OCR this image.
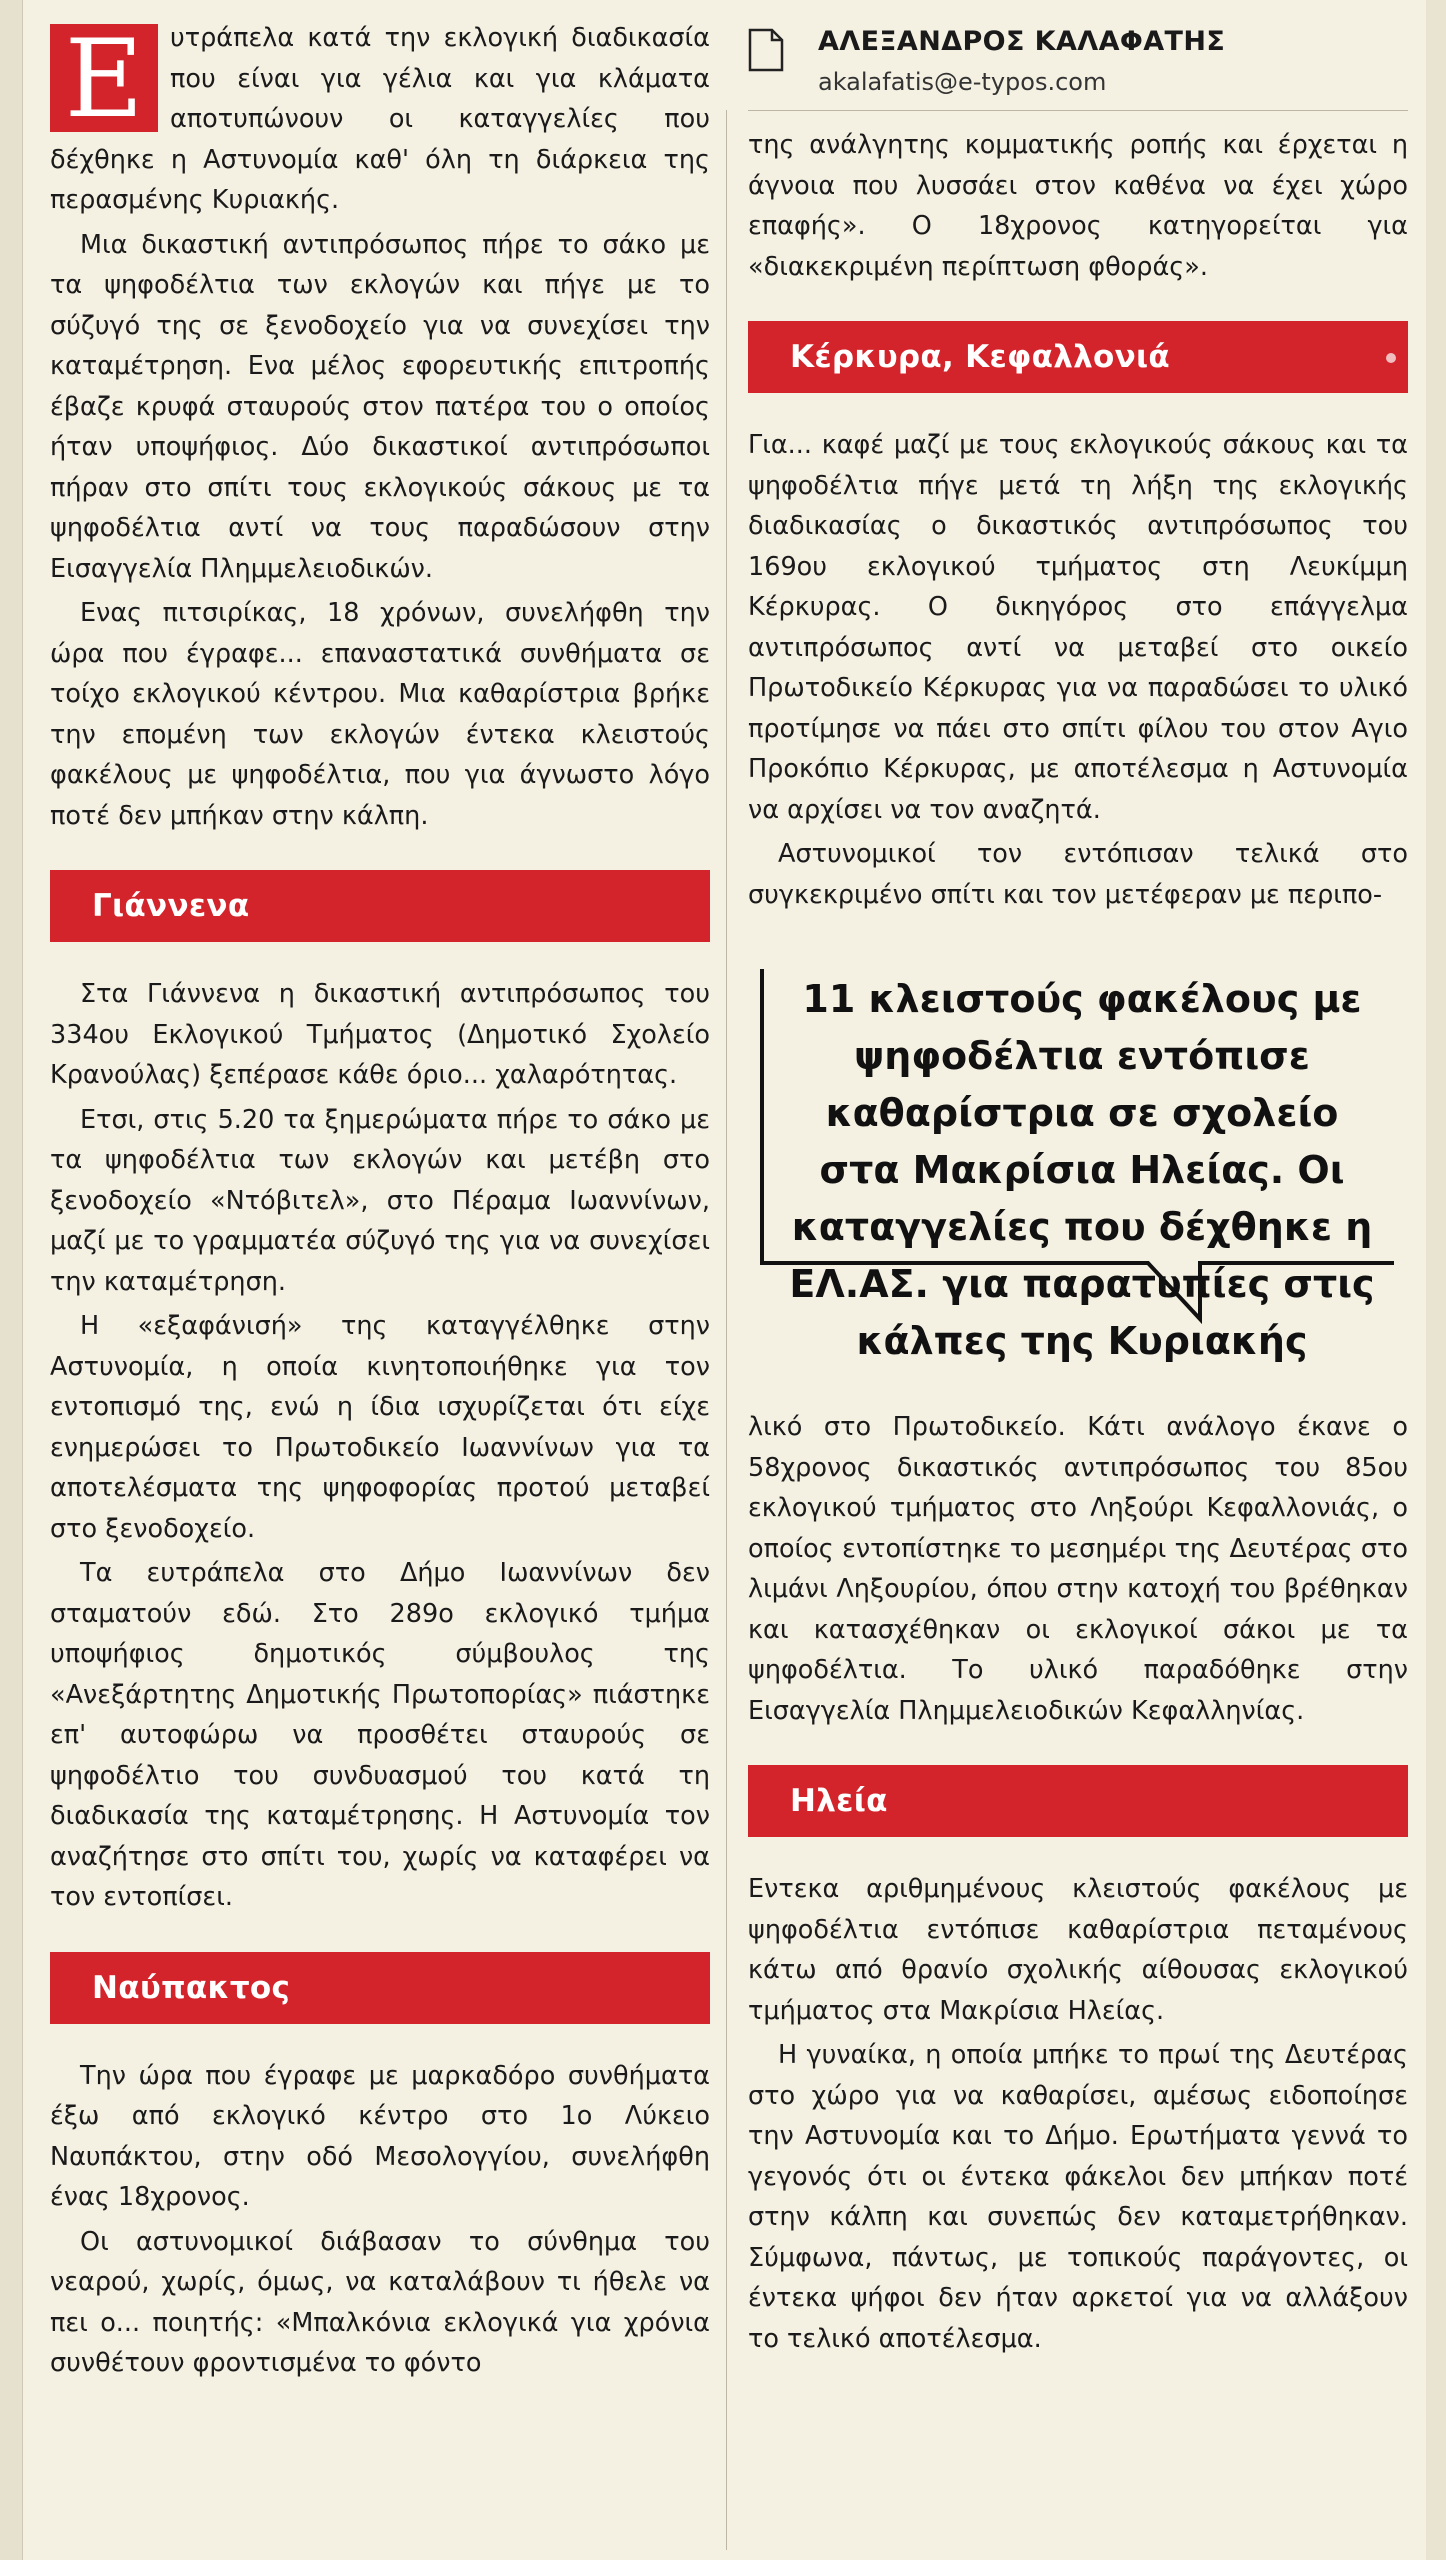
Ε	υτράπελα κατά την εκλογική διαδικασία που είναι για γέλια και για κλάματα αποτυπώνουν οι καταγγελίες που δέχθηκε η Αστυνομία καθ' όλη τη διάρκεια της περασμένης Κυριακής.

Μια δικαστική αντιπρόσωπος πήρε το σάκο με τα ψηφοδέλτια των εκλογών και πήγε με το σύζυγό της σε ξενοδοχείο για να συνεχίσει την καταμέτρηση. Ενα μέλος εφορευτικής επιτροπής έβαζε κρυφά σταυρούς στον πατέρα του ο οποίος ήταν υποψήφιος. Δύο δικαστικοί αντιπρόσωποι πήραν στο σπίτι τους εκλογικούς σάκους με τα ψηφοδέλτια αντί να τους παραδώσουν στην Εισαγγελία Πλημμελειοδικών.

Ενας πιτσιρίκας, 18 χρόνων, συνελήφθη την ώρα που έγραφε... επαναστατικά συνθήματα σε τοίχο εκλογικού κέντρου. Μια καθαρίστρια βρήκε την επομένη των εκλογών έντεκα κλειστούς φακέλους με ψηφοδέλτια, που για άγνωστο λόγο ποτέ δεν μπήκαν στην κάλπη.

Γιάννενα

Στα Γιάννενα η δικαστική αντιπρόσωπος του 334ου Εκλογικού Τμήματος (Δημοτικό Σχολείο Κρανούλας) ξεπέρασε κάθε όριο... χαλαρότητας.

Ετσι, στις 5.20 τα ξημερώματα πήρε το σάκο με τα ψηφοδέλτια των εκλογών και μετέβη στο ξενοδοχείο «Ντόβιτελ», στο Πέραμα Ιωαννίνων, μαζί με το γραμματέα σύζυγό της για να συνεχίσει την καταμέτρηση.

Η «εξαφάνισή» της καταγγέλθηκε στην Αστυνομία, η οποία κινητοποιήθηκε για τον εντοπισμό της, ενώ η ίδια ισχυρίζεται ότι είχε ενημερώσει το Πρωτοδικείο Ιωαννίνων για τα αποτελέσματα της ψηφοφορίας προτού μεταβεί στο ξενοδοχείο.

Τα ευτράπελα στο Δήμο Ιωαννίνων δεν σταματούν εδώ. Στο 289ο εκλογικό τμήμα υποψήφιος δημοτικός σύμβουλος της «Ανεξάρτητης Δημοτικής Πρωτοπορίας» πιάστηκε επ' αυτοφώρω να προσθέτει σταυρούς σε ψηφοδέλτιο του συνδυασμού του κατά τη διαδικασία της καταμέτρησης. Η Αστυνομία τον αναζήτησε στο σπίτι του, χωρίς να καταφέρει να τον εντοπίσει.

Ναύπακτος

Την ώρα που έγραφε με μαρκαδόρο συνθήματα έξω από εκλογικό κέντρο στο 1ο Λύκειο Ναυπάκτου, στην οδό Μεσολογγίου, συνελήφθη ένας 18χρονος.

Οι αστυνομικοί διάβασαν το σύνθημα του νεαρού, χωρίς, όμως, να καταλάβουν τι ήθελε να πει ο... ποιητής: «Μπαλκόνια εκλογικά για χρόνια συνθέτουν φροντισμένα το φόντο

ΑΛΕΞΑΝΔΡΟΣ ΚΑΛΑΦΑΤΗΣ
akalafatis@e-typos.com

της ανάλγητης κομματικής ροπής και έρχεται η άγνοια που λυσσάει στον καθένα να έχει χώρο επαφής». Ο 18χρονος κατηγορείται για «διακεκριμένη περίπτωση φθοράς».

Κέρκυρα, Κεφαλλονιά

Για... καφέ μαζί με τους εκλογικούς σάκους και τα ψηφοδέλτια πήγε μετά τη λήξη της εκλογικής διαδικασίας ο δικαστικός αντιπρόσωπος του 169ου εκλογικού τμήματος στη Λευκίμμη Κέρκυρας. Ο δικηγόρος στο επάγγελμα αντιπρόσωπος αντί να μεταβεί στο οικείο Πρωτοδικείο Κέρκυρας για να παραδώσει το υλικό προτίμησε να πάει στο σπίτι φίλου του στον Αγιο Προκόπιο Κέρκυρας, με αποτέλεσμα η Αστυνομία να αρχίσει να τον αναζητά.

Αστυνομικοί τον εντόπισαν τελικά στο συγκεκριμένο σπίτι και τον μετέφεραν με περιπο-

11 κλειστούς φακέλους με ψηφοδέλτια εντόπισε καθαρίστρια σε σχολείο στα Μακρίσια Ηλείας. Οι καταγγελίες που δέχθηκε η ΕΛ.ΑΣ. για παρατυπίες στις κάλπες της Κυριακής

λικό στο Πρωτοδικείο. Κάτι ανάλογο έκανε ο 58χρονος δικαστικός αντιπρόσωπος του 85ου εκλογικού τμήματος στο Ληξούρι Κεφαλλονιάς, ο οποίος εντοπίστηκε το μεσημέρι της Δευτέρας στο λιμάνι Ληξουρίου, όπου στην κατοχή του βρέθηκαν και κατασχέθηκαν οι εκλογικοί σάκοι με τα ψηφοδέλτια. Το υλικό παραδόθηκε στην Εισαγγελία Πλημμελειοδικών Κεφαλληνίας.

Ηλεία

Εντεκα αριθμημένους κλειστούς φακέλους με ψηφοδέλτια εντόπισε καθαρίστρια πεταμένους κάτω από θρανίο σχολικής αίθουσας εκλογικού τμήματος στα Μακρίσια Ηλείας.

Η γυναίκα, η οποία μπήκε το πρωί της Δευτέρας στο χώρο για να καθαρίσει, αμέσως ειδοποίησε την Αστυνομία και το Δήμο. Ερωτήματα γεννά το γεγονός ότι οι έντεκα φάκελοι δεν μπήκαν ποτέ στην κάλπη και συνεπώς δεν καταμετρήθηκαν. Σύμφωνα, πάντως, με τοπικούς παράγοντες, οι έντεκα ψήφοι δεν ήταν αρκετοί για να αλλάξουν το τελικό αποτέλεσμα.
